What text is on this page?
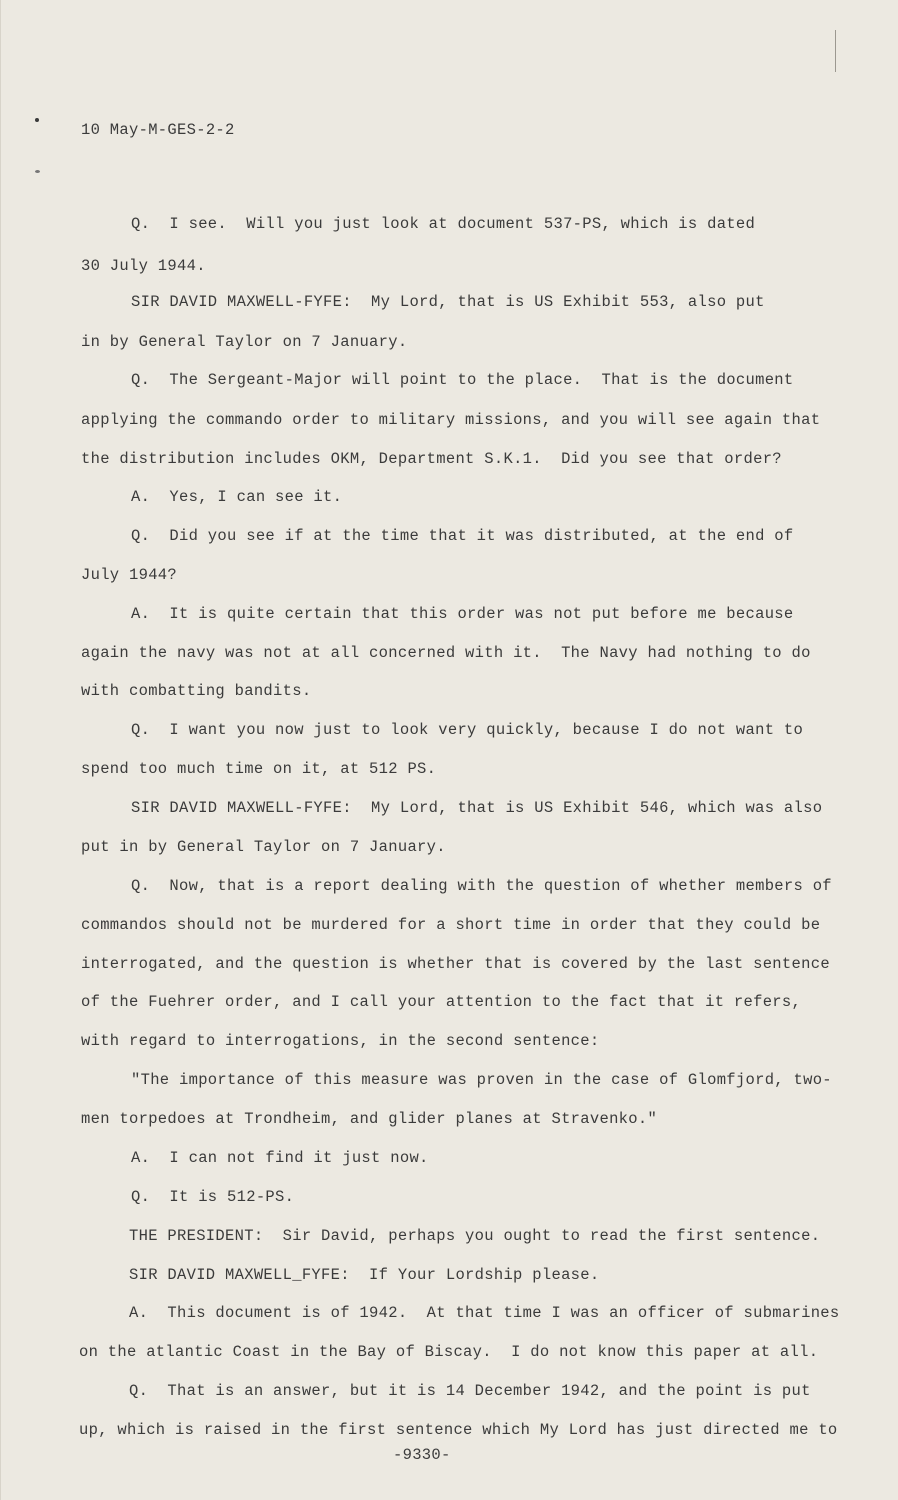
10 May-M-GES-2-2
Q.  I see.  Will you just look at document 537-PS, which is dated
30 July 1944.
SIR DAVID MAXWELL-FYFE:  My Lord, that is US Exhibit 553, also put
in by General Taylor on 7 January.
Q.  The Sergeant-Major will point to the place.  That is the document
applying the commando order to military missions, and you will see again that
the distribution includes OKM, Department S.K.1.  Did you see that order?
A.  Yes, I can see it.
Q.  Did you see if at the time that it was distributed, at the end of
July 1944?
A.  It is quite certain that this order was not put before me because
again the navy was not at all concerned with it.  The Navy had nothing to do
with combatting bandits.
Q.  I want you now just to look very quickly, because I do not want to
spend too much time on it, at 512 PS.
SIR DAVID MAXWELL-FYFE:  My Lord, that is US Exhibit 546, which was also
put in by General Taylor on 7 January.
Q.  Now, that is a report dealing with the question of whether members of
commandos should not be murdered for a short time in order that they could be
interrogated, and the question is whether that is covered by the last sentence
of the Fuehrer order, and I call your attention to the fact that it refers,
with regard to interrogations, in the second sentence:
"The importance of this measure was proven in the case of Glomfjord, two-
men torpedoes at Trondheim, and glider planes at Stravenko."
A.  I can not find it just now.
Q.  It is 512-PS.
THE PRESIDENT:  Sir David, perhaps you ought to read the first sentence.
SIR DAVID MAXWELL_FYFE:  If Your Lordship please.
A.  This document is of 1942.  At that time I was an officer of submarines
on the atlantic Coast in the Bay of Biscay.  I do not know this paper at all.
Q.  That is an answer, but it is 14 December 1942, and the point is put
up, which is raised in the first sentence which My Lord has just directed me to
-9330-
